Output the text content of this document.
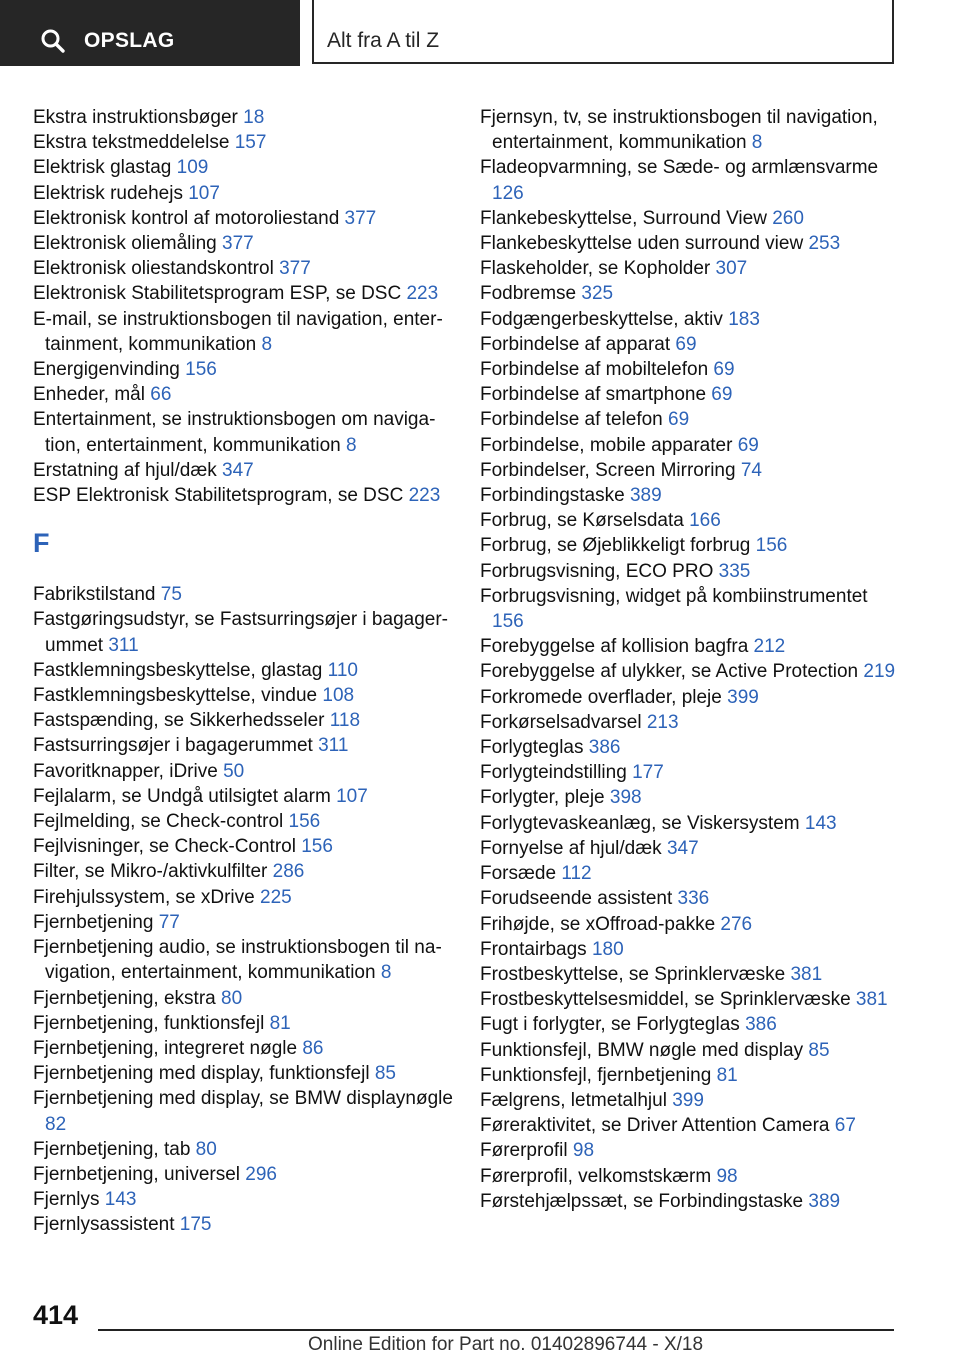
OPSLAG	Alt fra A til Z
Ekstra instruktionsbøger 18
Ekstra tekstmeddelelse 157
Elektrisk glastag 109
Elektrisk rudehejs 107
Elektronisk kontrol af motoroliestand 377
Elektronisk oliemåling 377
Elektronisk oliestandskontrol 377
Elektronisk Stabilitetsprogram ESP, se DSC 223
E-mail, se instruktionsbogen til navigation, entertainment, kommunikation 8
Energigenvinding 156
Enheder, mål 66
Entertainment, se instruktionsbogen om navigation, entertainment, kommunikation 8
Erstatning af hjul/dæk 347
ESP Elektronisk Stabilitetsprogram, se DSC 223
F
Fabrikstilstand 75
Fastgøringsudstyr, se Fastsurringsøjer i bagagerummet 311
Fastklemningsbeskyttelse, glastag 110
Fastklemningsbeskyttelse, vindue 108
Fastspænding, se Sikkerhedsseler 118
Fastsurringsøjer i bagagerummet 311
Favoritknapper, iDrive 50
Fejlalarm, se Undgå utilsigtet alarm 107
Fejlmelding, se Check-control 156
Fejlvisninger, se Check-Control 156
Filter, se Mikro-/aktivkulfilter 286
Firehjulssystem, se xDrive 225
Fjernbetjening 77
Fjernbetjening audio, se instruktionsbogen til navigation, entertainment, kommunikation 8
Fjernbetjening, ekstra 80
Fjernbetjening, funktionsfejl 81
Fjernbetjening, integreret nøgle 86
Fjernbetjening med display, funktionsfejl 85
Fjernbetjening med display, se BMW displaynøgle 82
Fjernbetjening, tab 80
Fjernbetjening, universel 296
Fjernlys 143
Fjernlysassistent 175
Fjernsyn, tv, se instruktionsbogen til navigation, entertainment, kommunikation 8
Fladeopvarmning, se Sæde- og armlænsvarme 126
Flankebeskyttelse, Surround View 260
Flankebeskyttelse uden surround view 253
Flaskeholder, se Kopholder 307
Fodbremse 325
Fodgængerbeskyttelse, aktiv 183
Forbindelse af apparat 69
Forbindelse af mobiltelefon 69
Forbindelse af smartphone 69
Forbindelse af telefon 69
Forbindelse, mobile apparater 69
Forbindelser, Screen Mirroring 74
Forbindingstaske 389
Forbrug, se Kørselsdata 166
Forbrug, se Øjeblikkeligt forbrug 156
Forbrugsvisning, ECO PRO 335
Forbrugsvisning, widget på kombiinstrumentet 156
Forebyggelse af kollision bagfra 212
Forebyggelse af ulykker, se Active Protection 219
Forkromede overflader, pleje 399
Forkørselsadvarsel 213
Forlygteglas 386
Forlygteindstilling 177
Forlygter, pleje 398
Forlygtevaskeanlæg, se Viskersystem 143
Fornyelse af hjul/dæk 347
Forsæde 112
Forudseende assistent 336
Frihøjde, se xOffroad-pakke 276
Frontairbags 180
Frostbeskyttelse, se Sprinklervæske 381
Frostbeskyttelsesmiddel, se Sprinklervæske 381
Fugt i forlygter, se Forlygteglas 386
Funktionsfejl, BMW nøgle med display 85
Funktionsfejl, fjernbetjening 81
Fælgrens, letmetalhjul 399
Føreraktivitet, se Driver Attention Camera 67
Førerprofil 98
Førerprofil, velkomstskærm 98
Førstehjælpssæt, se Forbindingstaske 389
414
Online Edition for Part no. 01402896744 - X/18
